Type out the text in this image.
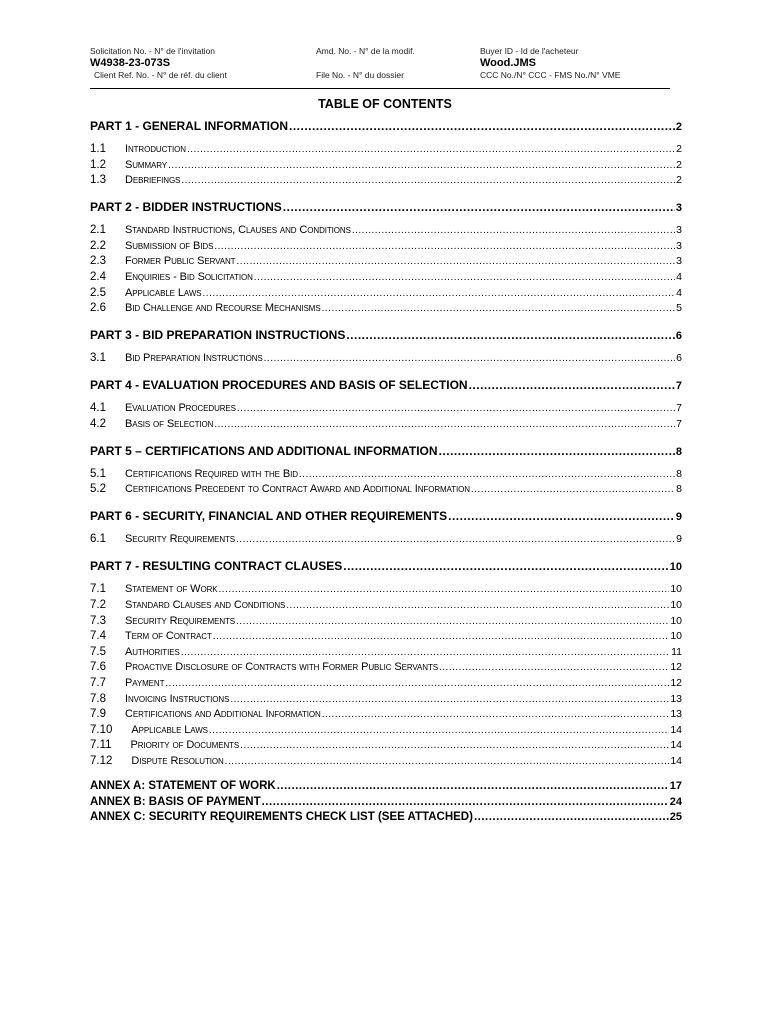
Solicitation No. - N° de l'invitation
W4938-23-073S
Client Ref. No. - N° de réf. du client
Amd. No. - N° de la modif.

File No. - N° du dossier
Buyer ID - Id de l'acheteur
Wood.JMS
CCC No./N° CCC - FMS No./N° VME
TABLE OF CONTENTS
PART 1 - GENERAL INFORMATION .....	2
1.1 Introduction .....	2
1.2 Summary .....	2
1.3 Debriefings .....	2
PART 2 - BIDDER INSTRUCTIONS .....	3
2.1 Standard Instructions, Clauses and Conditions .....	3
2.2 Submission of Bids .....	3
2.3 Former Public Servant .....	3
2.4 Enquiries - Bid Solicitation .....	4
2.5 Applicable Laws .....	4
2.6 Bid Challenge and Recourse Mechanisms .....	5
PART 3 - BID PREPARATION INSTRUCTIONS .....	6
3.1 Bid Preparation Instructions .....	6
PART 4 - EVALUATION PROCEDURES AND BASIS OF SELECTION .....	7
4.1 Evaluation Procedures .....	7
4.2 Basis of Selection .....	7
PART 5 – CERTIFICATIONS AND ADDITIONAL INFORMATION .....	8
5.1 Certifications Required with the Bid .....	8
5.2 Certifications Precedent to Contract Award and Additional Information .....	8
PART 6 - SECURITY, FINANCIAL AND OTHER REQUIREMENTS .....	9
6.1 Security Requirements .....	9
PART 7 - RESULTING CONTRACT CLAUSES .....	10
7.1 Statement of Work .....	10
7.2 Standard Clauses and Conditions .....	10
7.3 Security Requirements .....	10
7.4 Term of Contract .....	10
7.5 Authorities .....	11
7.6 Proactive Disclosure of Contracts with Former Public Servants .....	12
7.7 Payment .....	12
7.8 Invoicing Instructions .....	13
7.9 Certifications and Additional Information .....	13
7.10 Applicable Laws .....	14
7.11 Priority of Documents .....	14
7.12 Dispute Resolution .....	14
ANNEX A: STATEMENT OF WORK .....	17
ANNEX B: BASIS OF PAYMENT .....	24
ANNEX C: SECURITY REQUIREMENTS CHECK LIST (SEE ATTACHED) .....	25
